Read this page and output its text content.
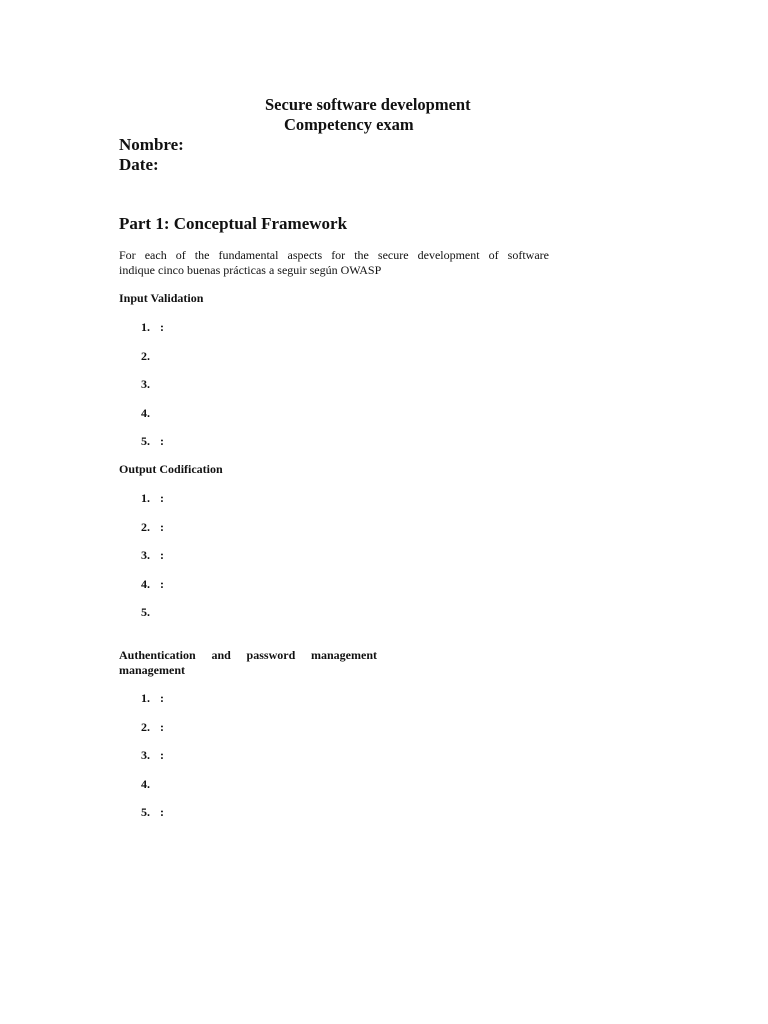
Secure software development
Competency exam
Nombre:
Date:
Part 1: Conceptual Framework
For each of the fundamental aspects for the secure development of software
indique cinco buenas prácticas a seguir según OWASP
Input Validation
1. :
2.
3.
4.
5. :
Output Codification
1. :
2. :
3. :
4. :
5.
Authentication and password management
management
1. :
2. :
3. :
4.
5. :
